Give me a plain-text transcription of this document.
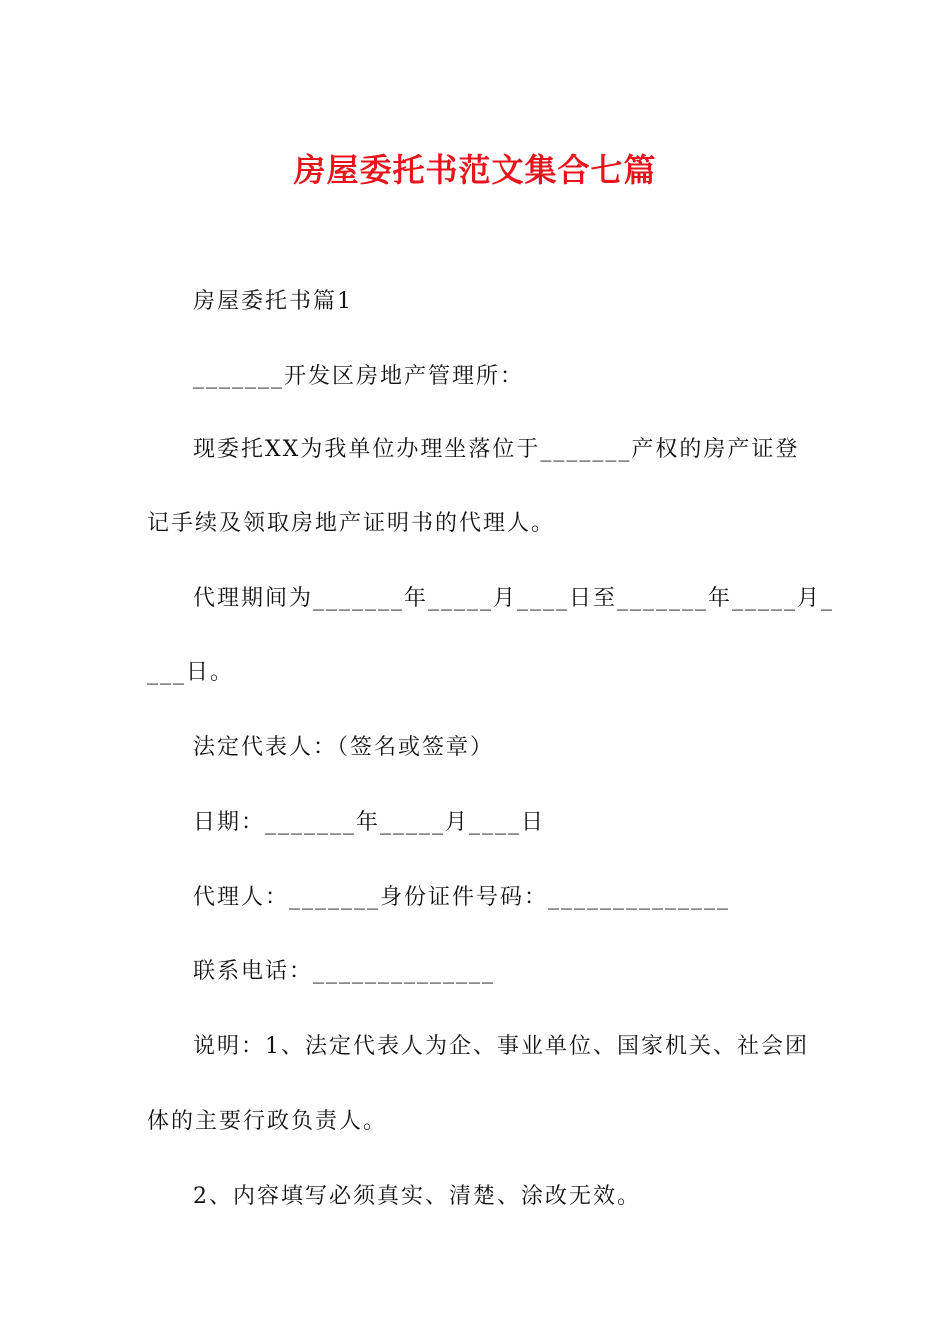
房屋委托书范文集合七篇
房屋委托书篇1
_______开发区房地产管理所：
现委托XX为我单位办理坐落位于_______产权的房产证登
记手续及领取房地产证明书的代理人。
代理期间为_______年_____月____日至_______年_____月_
___日。
法定代表人：（签名或签章）
日期：_______年_____月____日
代理人：_______身份证件号码：______________
联系电话：______________
说明：1、法定代表人为企、事业单位、国家机关、社会团
体的主要行政负责人。
2、内容填写必须真实、清楚、涂改无效。
